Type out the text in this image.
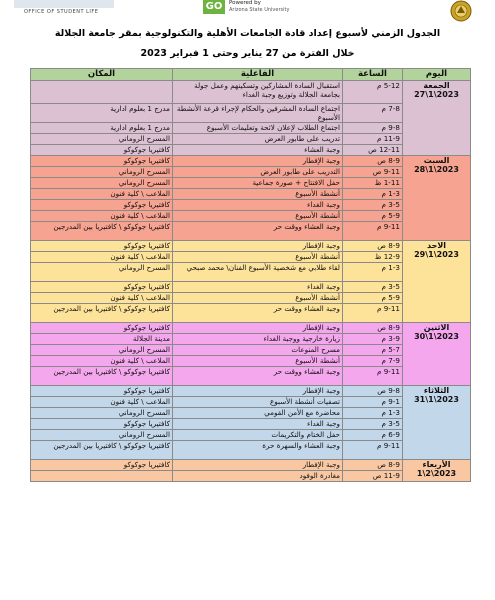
OFFICE OF STUDENT LIFE	GO	Powered by
Arizona State University
الجدول الزمني لأسبوع إعداد قادة الجامعات الأهلية والتكنولوجية بمقر جامعة الجلالة
خلال الفترة من 27 يناير وحتى 1 فبراير 2023
اليوم	الساعة	الفاعلية	المكان
الجمعة 2023\1\27	5-12 م	استقبال السادة المشاركين وتسكينهم وعمل جولة بجامعة الجلالة وتوزيع وجبة الغداء	
	7-8 م	اجتماع السادة المشرفين والحكام لإجراء قرعة الأنشطة الأسبوع	مدرج 1 بعلوم ادارية
	9-8 م	اجتماع الطلاب لإعلان لائحة وتعليمات الأسبوع	مدرج 1 بعلوم ادارية
	11-9 م	تدريب على طابور العرض	المسرح الروماني
	12-11 ص	وجبة العشاء	كافتيريا جوكوكو
السبت 2023\1\28	8-9 ص	وجبة الإفطار	كافتيريا جوكوكو
	9-11 ص	التدريب على طابور العرض	المسرح الروماني
	1-11 ظ	حفل الافتتاح + صورة جماعية	المسرح الروماني
	1-3 م	أنشطة الأسبوع	الملاعب \ كلية فنون
	3-5 م	وجبة الغداء	كافتيريا جوكوكو
	5-9 م	أنشطة الأسبوع	الملاعب \ كلية فنون
	9-11 م	وجبة العشاء ووقت حر	كافتيريا جوكوكو \ كافتيريا بين المدرجين
الاحد 2023\1\29	8-9 ص	وجبة الإفطار	كافتيريا جوكوكو
	12-9 ظ	أنشطة الأسبوع	الملاعب \ كلية فنون
	1-3 م	لقاء طلابي مع شخصية الأسبوع الفنان\ محمد صبحي	المسرح الروماني
	3-5 م	وجبة الغداء	كافتيريا جوكوكو
	5-9 م	أنشطة الأسبوع	الملاعب \ كلية فنون
	9-11 م	وجبة العشاء ووقت حر	كافتيريا جوكوكو \ كافتيريا بين المدرجين
الاثنين 2023\1\30	8-9 ص	وجبة الإفطار	كافتيريا جوكوكو
	3-9 م	زيارة خارجية ووجبة الغداء	مدينة الجلالة
	5-7 م	مسرح المنوعات	المسرح الروماني
	7-9 م	أنشطة الأسبوع	الملاعب \ كلية فنون
	9-11 م	وجبة العشاء ووقت حر	كافتيريا جوكوكو \ كافتيريا بين المدرجين
الثلاثاء 2023\1\31	9-8 ص	وجبة الإفطار	كافتيريا جوكوكو
	9-1 م	تصفيات أنشطة الأسبوع	الملاعب \ كلية فنون
	1-3 م	محاضرة مع الأمن القومي	المسرح الروماني
	3-5 م	وجبة الغداء	كافتيريا جوكوكو
	6-9 م	حفل الختام والتكريمات	المسرح الروماني
	9-11 م	وجبة العشاء والسهرة حرة	كافتيريا جوكوكو \ كافتيريا بين المدرجين
الأربعاء 2023\2\1	8-9 ص	وجبة الإفطار	كافتيريا جوكوكو
	11-9 ص	مغادرة الوفود	
